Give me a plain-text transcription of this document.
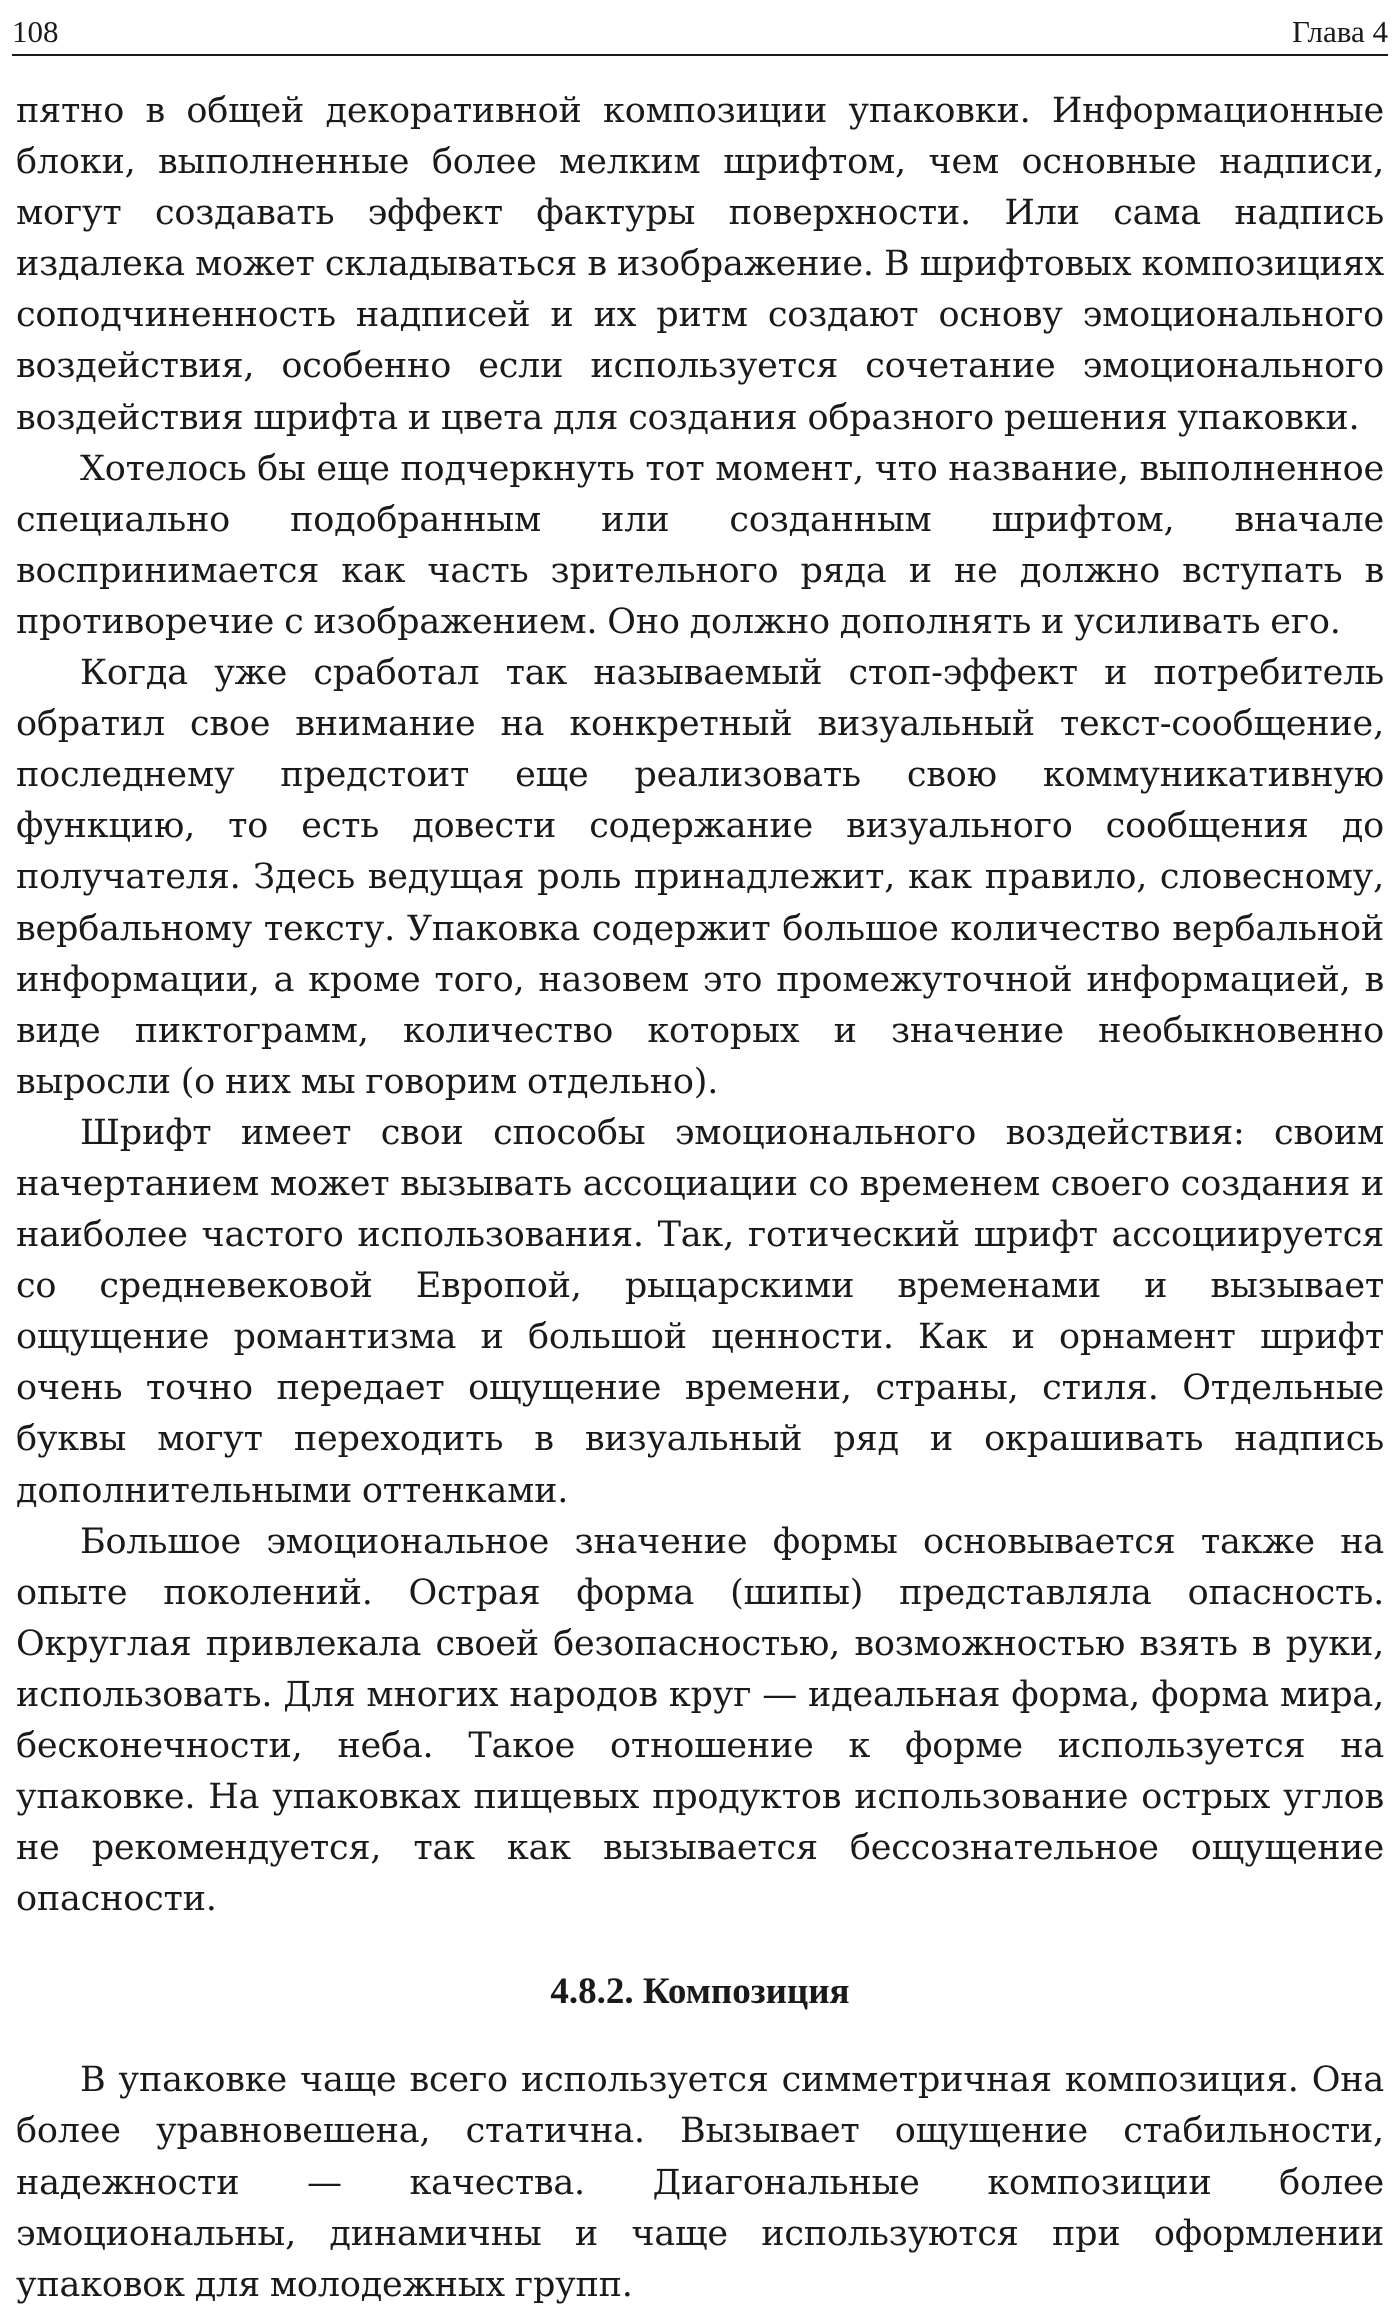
108	Глава 4

пятно в общей декоративной композиции упаковки. Информационные блоки, выполненные более мелким шрифтом, чем основные надписи, могут создавать эффект фактуры поверхности. Или сама надпись издалека может складываться в изображение. В шрифтовых композициях соподчиненность надписей и их ритм создают основу эмоционального воздействия, особенно если используется сочетание эмоционального воздействия шрифта и цвета для создания образного решения упаковки.

Хотелось бы еще подчеркнуть тот момент, что название, выполненное специально подобранным или созданным шрифтом, вначале воспринимается как часть зрительного ряда и не должно вступать в противоречие с изображением. Оно должно дополнять и усиливать его.

Когда уже сработал так называемый стоп-эффект и потребитель обратил свое внимание на конкретный визуальный текст-сообщение, последнему предстоит еще реализовать свою коммуникативную функцию, то есть довести содержание визуального сообщения до получателя. Здесь ведущая роль принадлежит, как правило, словесному, вербальному тексту. Упаковка содержит большое количество вербальной информации, а кроме того, назовем это промежуточной информацией, в виде пиктограмм, количество которых и значение необыкновенно выросли (о них мы говорим отдельно).

Шрифт имеет свои способы эмоционального воздействия: своим начертанием может вызывать ассоциации со временем своего создания и наиболее частого использования. Так, готический шрифт ассоциируется со средневековой Европой, рыцарскими временами и вызывает ощущение романтизма и большой ценности. Как и орнамент шрифт очень точно передает ощущение времени, страны, стиля. Отдельные буквы могут переходить в визуальный ряд и окрашивать надпись дополнительными оттенками.

Большое эмоциональное значение формы основывается также на опыте поколений. Острая форма (шипы) представляла опасность. Округлая привлекала своей безопасностью, возможностью взять в руки, использовать. Для многих народов круг — идеальная форма, форма мира, бесконечности, неба. Такое отношение к форме используется на упаковке. На упаковках пищевых продуктов использование острых углов не рекомендуется, так как вызывается бессознательное ощущение опасности.

4.8.2. Композиция

В упаковке чаще всего используется симметричная композиция. Она более уравновешена, статична. Вызывает ощущение стабильности, надежности — качества. Диагональные композиции более эмоциональны, динамичны и чаще используются при оформлении упаковок для молодежных групп.
